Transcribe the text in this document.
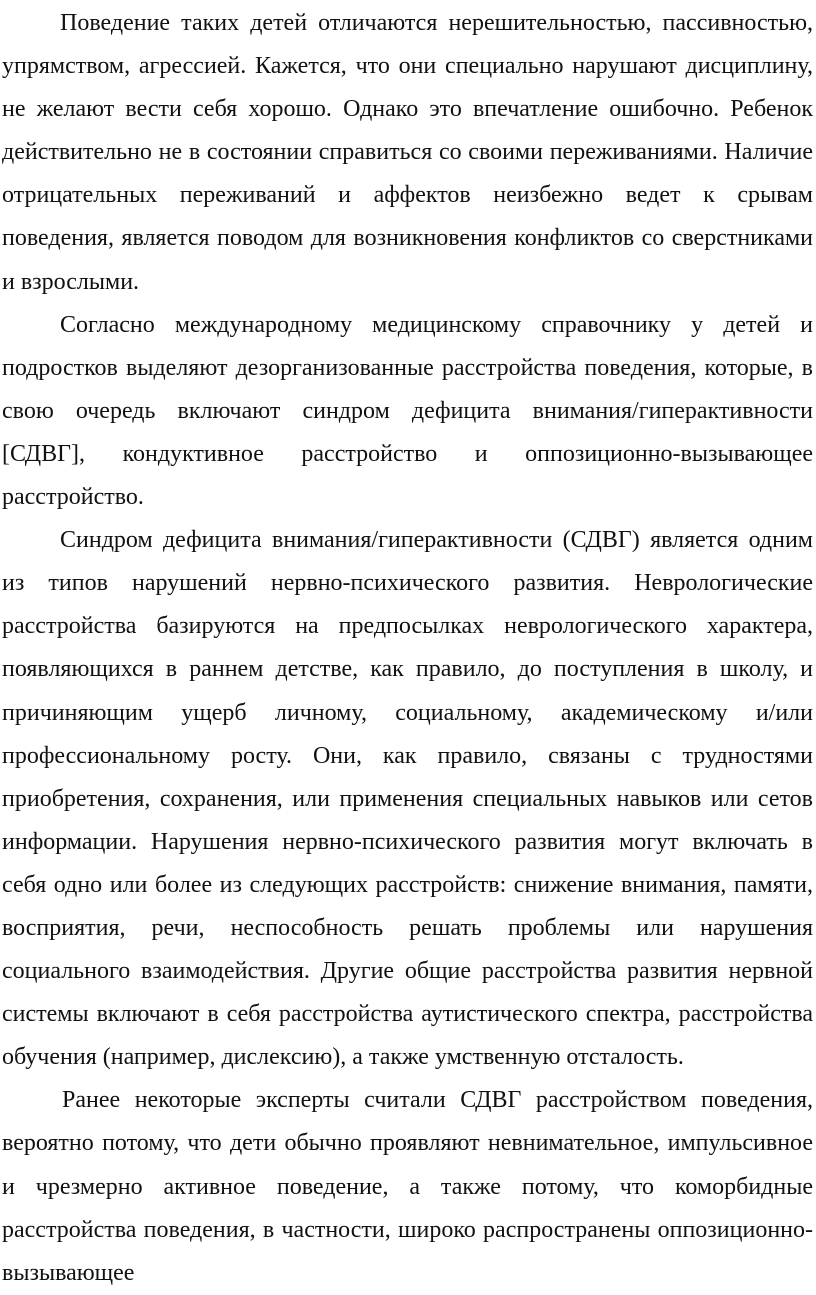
Поведение таких детей отличаются нерешительностью, пассивностью, упрямством, агрессией. Кажется, что они специально нарушают дисциплину, не желают вести себя хорошо. Однако это впечатление ошибочно. Ребенок действительно не в состоянии справиться со своими переживаниями. Наличие отрицательных переживаний и аффектов неизбежно ведет к срывам поведения, является поводом для возникновения конфликтов со сверстниками и взрослыми.

Согласно международному медицинскому справочнику у детей и подростков выделяют дезорганизованные расстройства поведения, которые, в свою очередь включают синдром дефицита внимания/гиперактивности [СДВГ], кондуктивное расстройство и оппозиционно-вызывающее расстройство.

Синдром дефицита внимания/гиперактивности (СДВГ) является одним из типов нарушений нервно-психического развития. Неврологические расстройства базируются на предпосылках неврологического характера, появляющихся в раннем детстве, как правило, до поступления в школу, и причиняющим ущерб личному, социальному, академическому и/или профессиональному росту. Они, как правило, связаны с трудностями приобретения, сохранения, или применения специальных навыков или сетов информации. Нарушения нервно-психического развития могут включать в себя одно или более из следующих расстройств: снижение внимания, памяти, восприятия, речи, неспособность решать проблемы или нарушения социального взаимодействия. Другие общие расстройства развития нервной системы включают в себя расстройства аутистического спектра, расстройства обучения (например, дислексию), а также умственную отсталость.

Ранее некоторые эксперты считали СДВГ расстройством поведения, вероятно потому, что дети обычно проявляют невнимательное, импульсивное и чрезмерно активное поведение, а также потому, что коморбидные расстройства поведения, в частности, широко распространены оппозиционно-вызывающее
